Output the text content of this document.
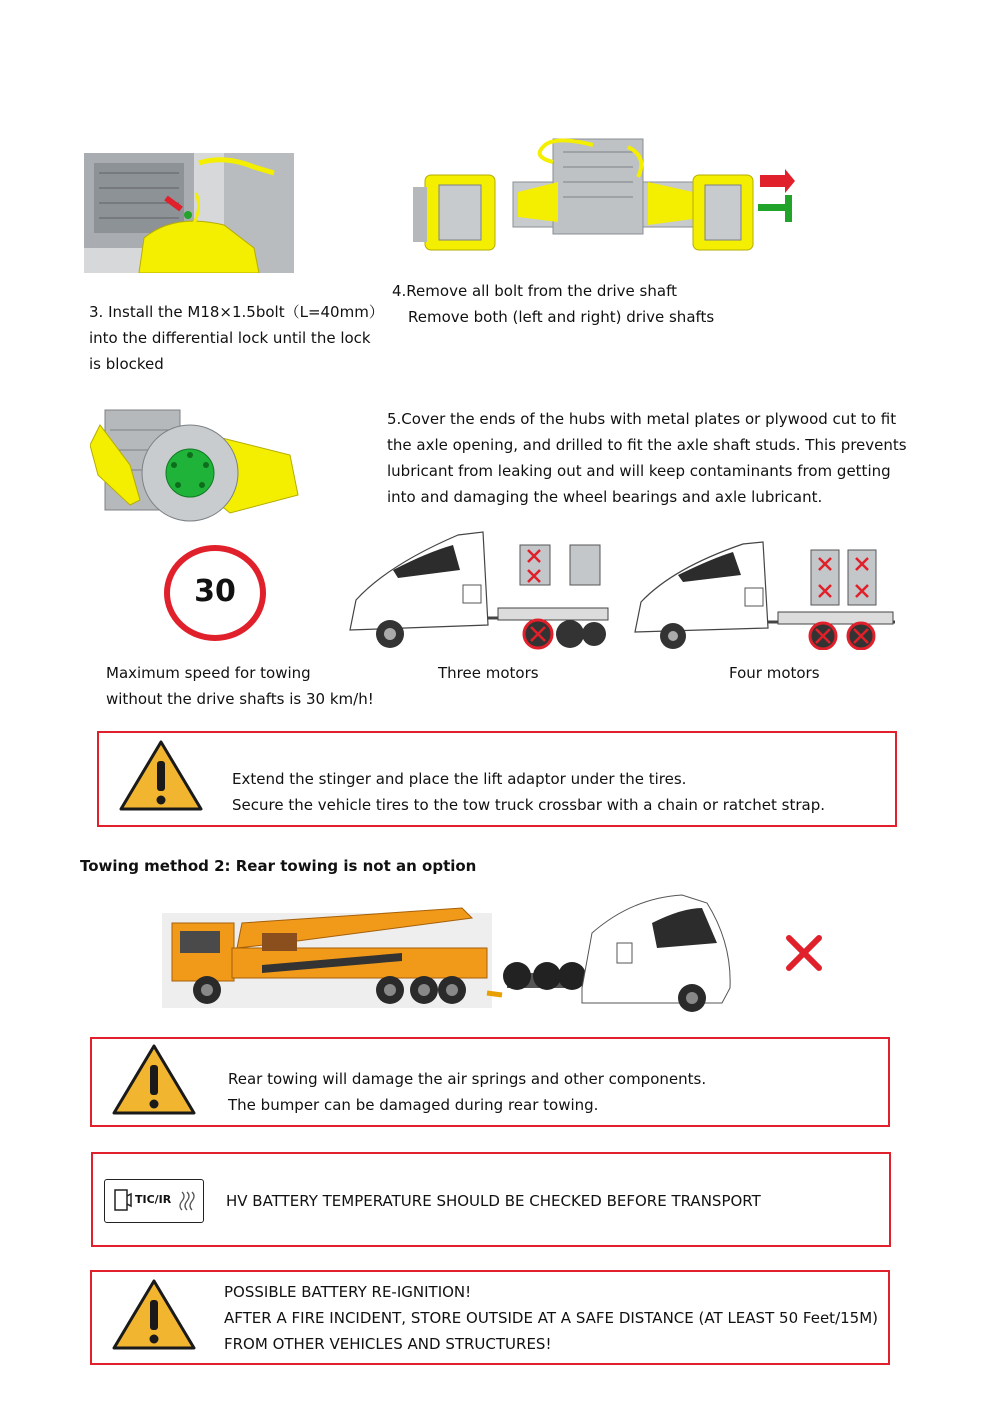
3. Install the M18×1.5bolt（L=40mm）
into the differential lock until the lock
is blocked
4.Remove all bolt from the drive shaft
Remove both (left and right) drive shafts
5.Cover the ends of the hubs with metal plates or plywood cut to fit
the axle opening, and drilled to fit the axle shaft studs. This prevents
lubricant from leaking out and will keep contaminants from getting
into and damaging the wheel bearings and axle lubricant.
30
Maximum speed for towing
without the drive shafts is 30 km/h!
Three motors	Four motors
Extend the stinger and place the lift adaptor under the tires.
Secure the vehicle tires to the tow truck crossbar with a chain or ratchet strap.
Towing method 2: Rear towing is not an option
Rear towing will damage the air springs and other components.
The bumper can be damaged during rear towing.
TIC/IR	HV BATTERY TEMPERATURE SHOULD BE CHECKED BEFORE TRANSPORT
POSSIBLE BATTERY RE-IGNITION!
AFTER A FIRE INCIDENT, STORE OUTSIDE AT A SAFE DISTANCE (AT LEAST 50 Feet/15M)
FROM OTHER VEHICLES AND STRUCTURES!
